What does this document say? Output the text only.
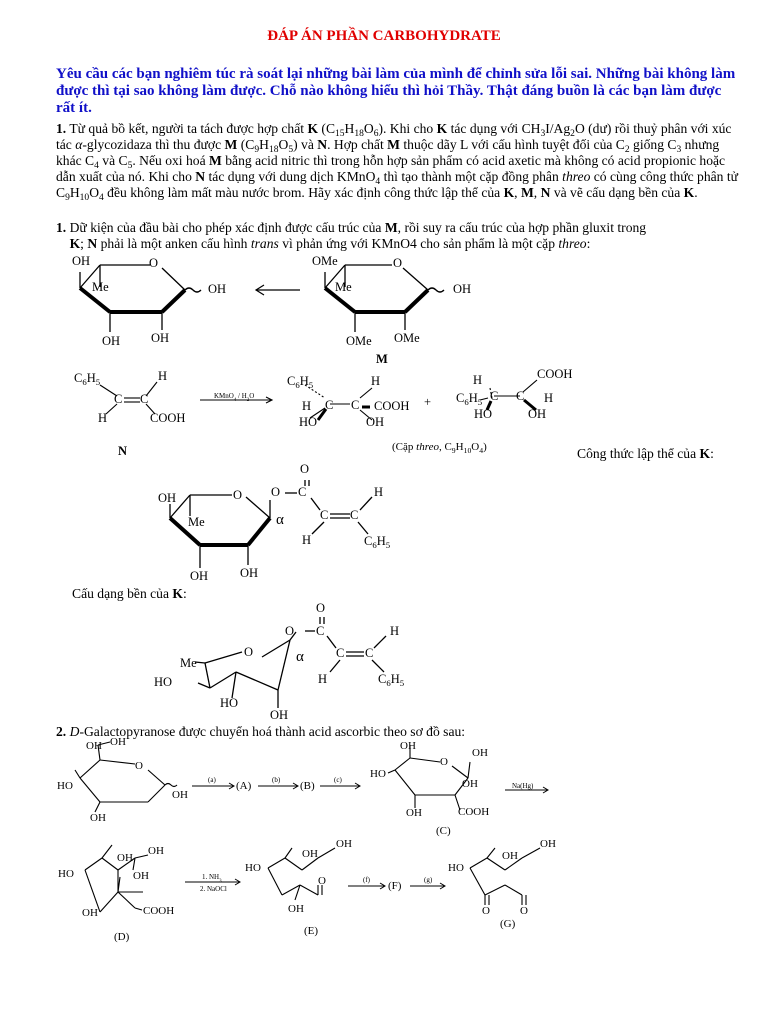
ĐÁP ÁN PHẦN CARBOHYDRATE
Yêu cầu các bạn nghiêm túc rà soát lại những bài làm của mình để chỉnh sửa lỗi sai. Những bài không làm được thì tại sao không làm được. Chỗ nào không hiểu thì hỏi Thầy. Thật đáng buồn là các bạn làm được rất ít.
1. Từ quả bồ kết, người ta tách được hợp chất K $(C_{15}H_{18}O_6)$. Khi cho K tác dụng với $CH_3I/Ag_2O$ (dư) rồi thuỷ phân với xúc tác α-glycozidaza thì thu được M $(C_9H_{18}O_5)$ và N. Hợp chất M thuộc dãy L với cấu hình tuyệt đối của $C_2$ giống $C_3$ nhưng khác $C_4$ và $C_5$. Nếu oxi hoá M bằng acid nitric thì trong hỗn hợp sản phẩm có acid axetic mà không có acid propionic hoặc dẫn xuất của nó. Khi cho N tác dụng với dung dịch KMnO$_4$ thì tạo thành một cặp đồng phân threo có cùng công thức phân tử $C_9H_{10}O_4$ đều không làm mất màu nước brom. Hãy xác định công thức lập thể của K, M, N và vẽ cấu dạng bền của K.
1. Dữ kiện của đầu bài cho phép xác định được cấu trúc của M, rồi suy ra cấu trúc của hợp phần gluxit trong
K; N phải là một anken cấu hình trans vì phản ứng với KMnO4 cho sản phẩm là một cặp threo:
OH	O
Me	OH
OH OH
OMe	O
Me	OH
OMe OMe
M
$C_6H_5$	H
C C
H	COOH
N
KMnO$_4$ / $H_2O$
$C_6H_5$	H
H C C COOH
HO	OH
+
H	COOH
$C_6H_5$ C C H
HO	OH
(Cặp threo, $C_9H_{10}O_4$)	Công thức lập thể của K:
O
OH	O O C	H
Me	α	C C
H	$C_6H_5$
OH	OH
Cấu dạng bền của K:
O
O C	H
O	α	C C
Me
H	$C_6H_5$
HO
HO
OH
2. D-Galactopyranose được chuyển hoá thành acid ascorbic theo sơ đồ sau:
OH OH
O
HO
OH
OH
(a) (A)	(b) (B)	(c)
OH
O
OH
HO
OH
OH	COOH
(C)
Na(Hg)
OH
OH
HO	OH
OH	COOH
(D)
1. $NH_3$
2. NaOCl
OH
OH
HO
O
OH
(E)
(f) (F)	(g)
OH
OH
HO
O	O
(G)
